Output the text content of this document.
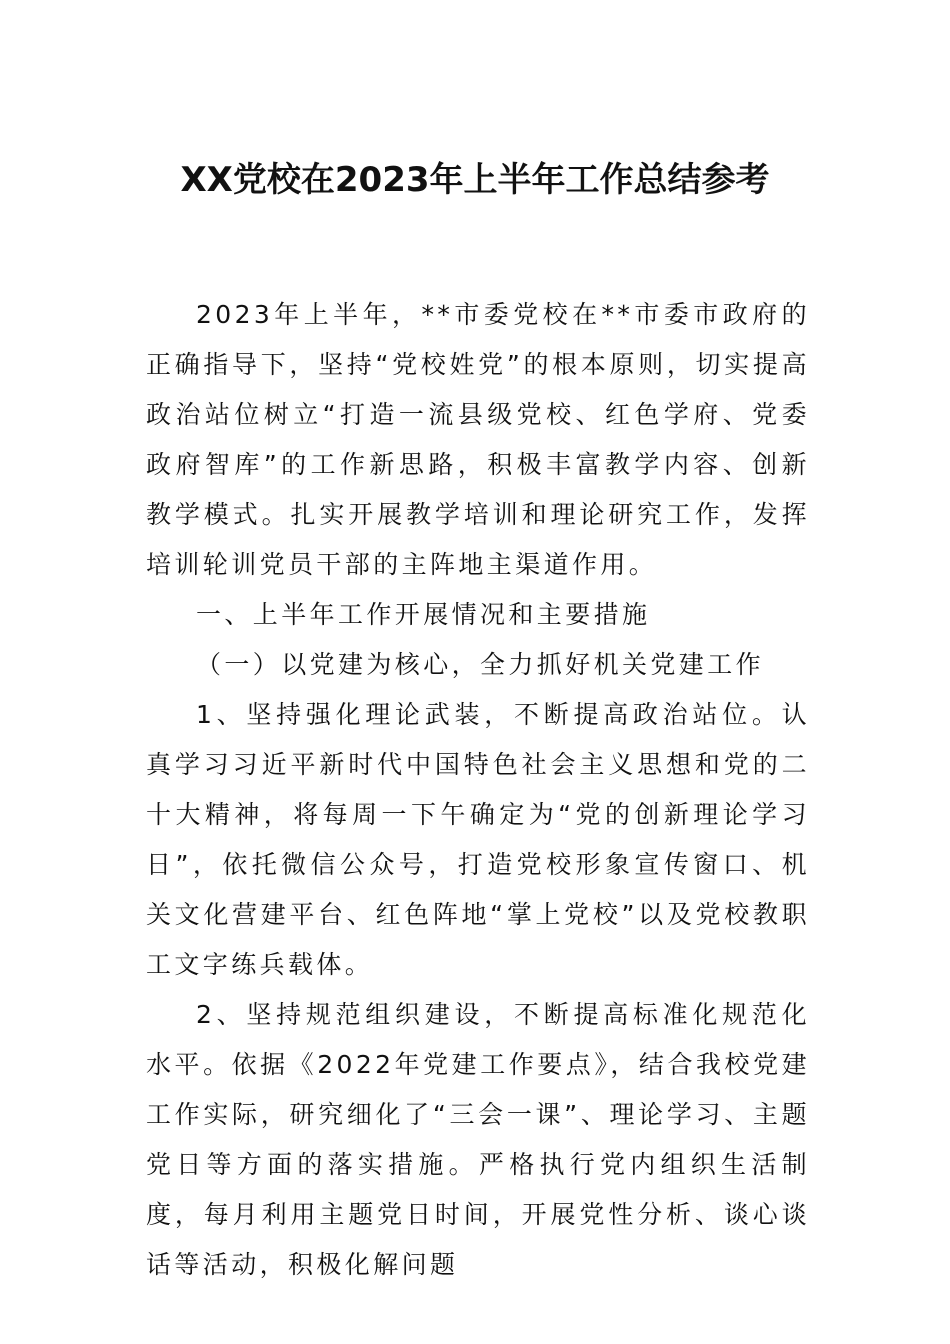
XX党校在2023年上半年工作总结参考

2023年上半年，**市委党校在**市委市政府的正确指导下，坚持“党校姓党”的根本原则，切实提高政治站位树立“打造一流县级党校、红色学府、党委政府智库”的工作新思路，积极丰富教学内容、创新教学模式。扎实开展教学培训和理论研究工作，发挥培训轮训党员干部的主阵地主渠道作用。

一、上半年工作开展情况和主要措施

（一）以党建为核心，全力抓好机关党建工作

1、坚持强化理论武装，不断提高政治站位。认真学习习近平新时代中国特色社会主义思想和党的二十大精神，将每周一下午确定为“党的创新理论学习日”，依托微信公众号，打造党校形象宣传窗口、机关文化营建平台、红色阵地“掌上党校”以及党校教职工文字练兵载体。

2、坚持规范组织建设，不断提高标准化规范化水平。依据《2022年党建工作要点》，结合我校党建工作实际，研究细化了“三会一课”、理论学习、主题党日等方面的落实措施。严格执行党内组织生活制度，每月利用主题党日时间，开展党性分析、谈心谈话等活动，积极化解问题
